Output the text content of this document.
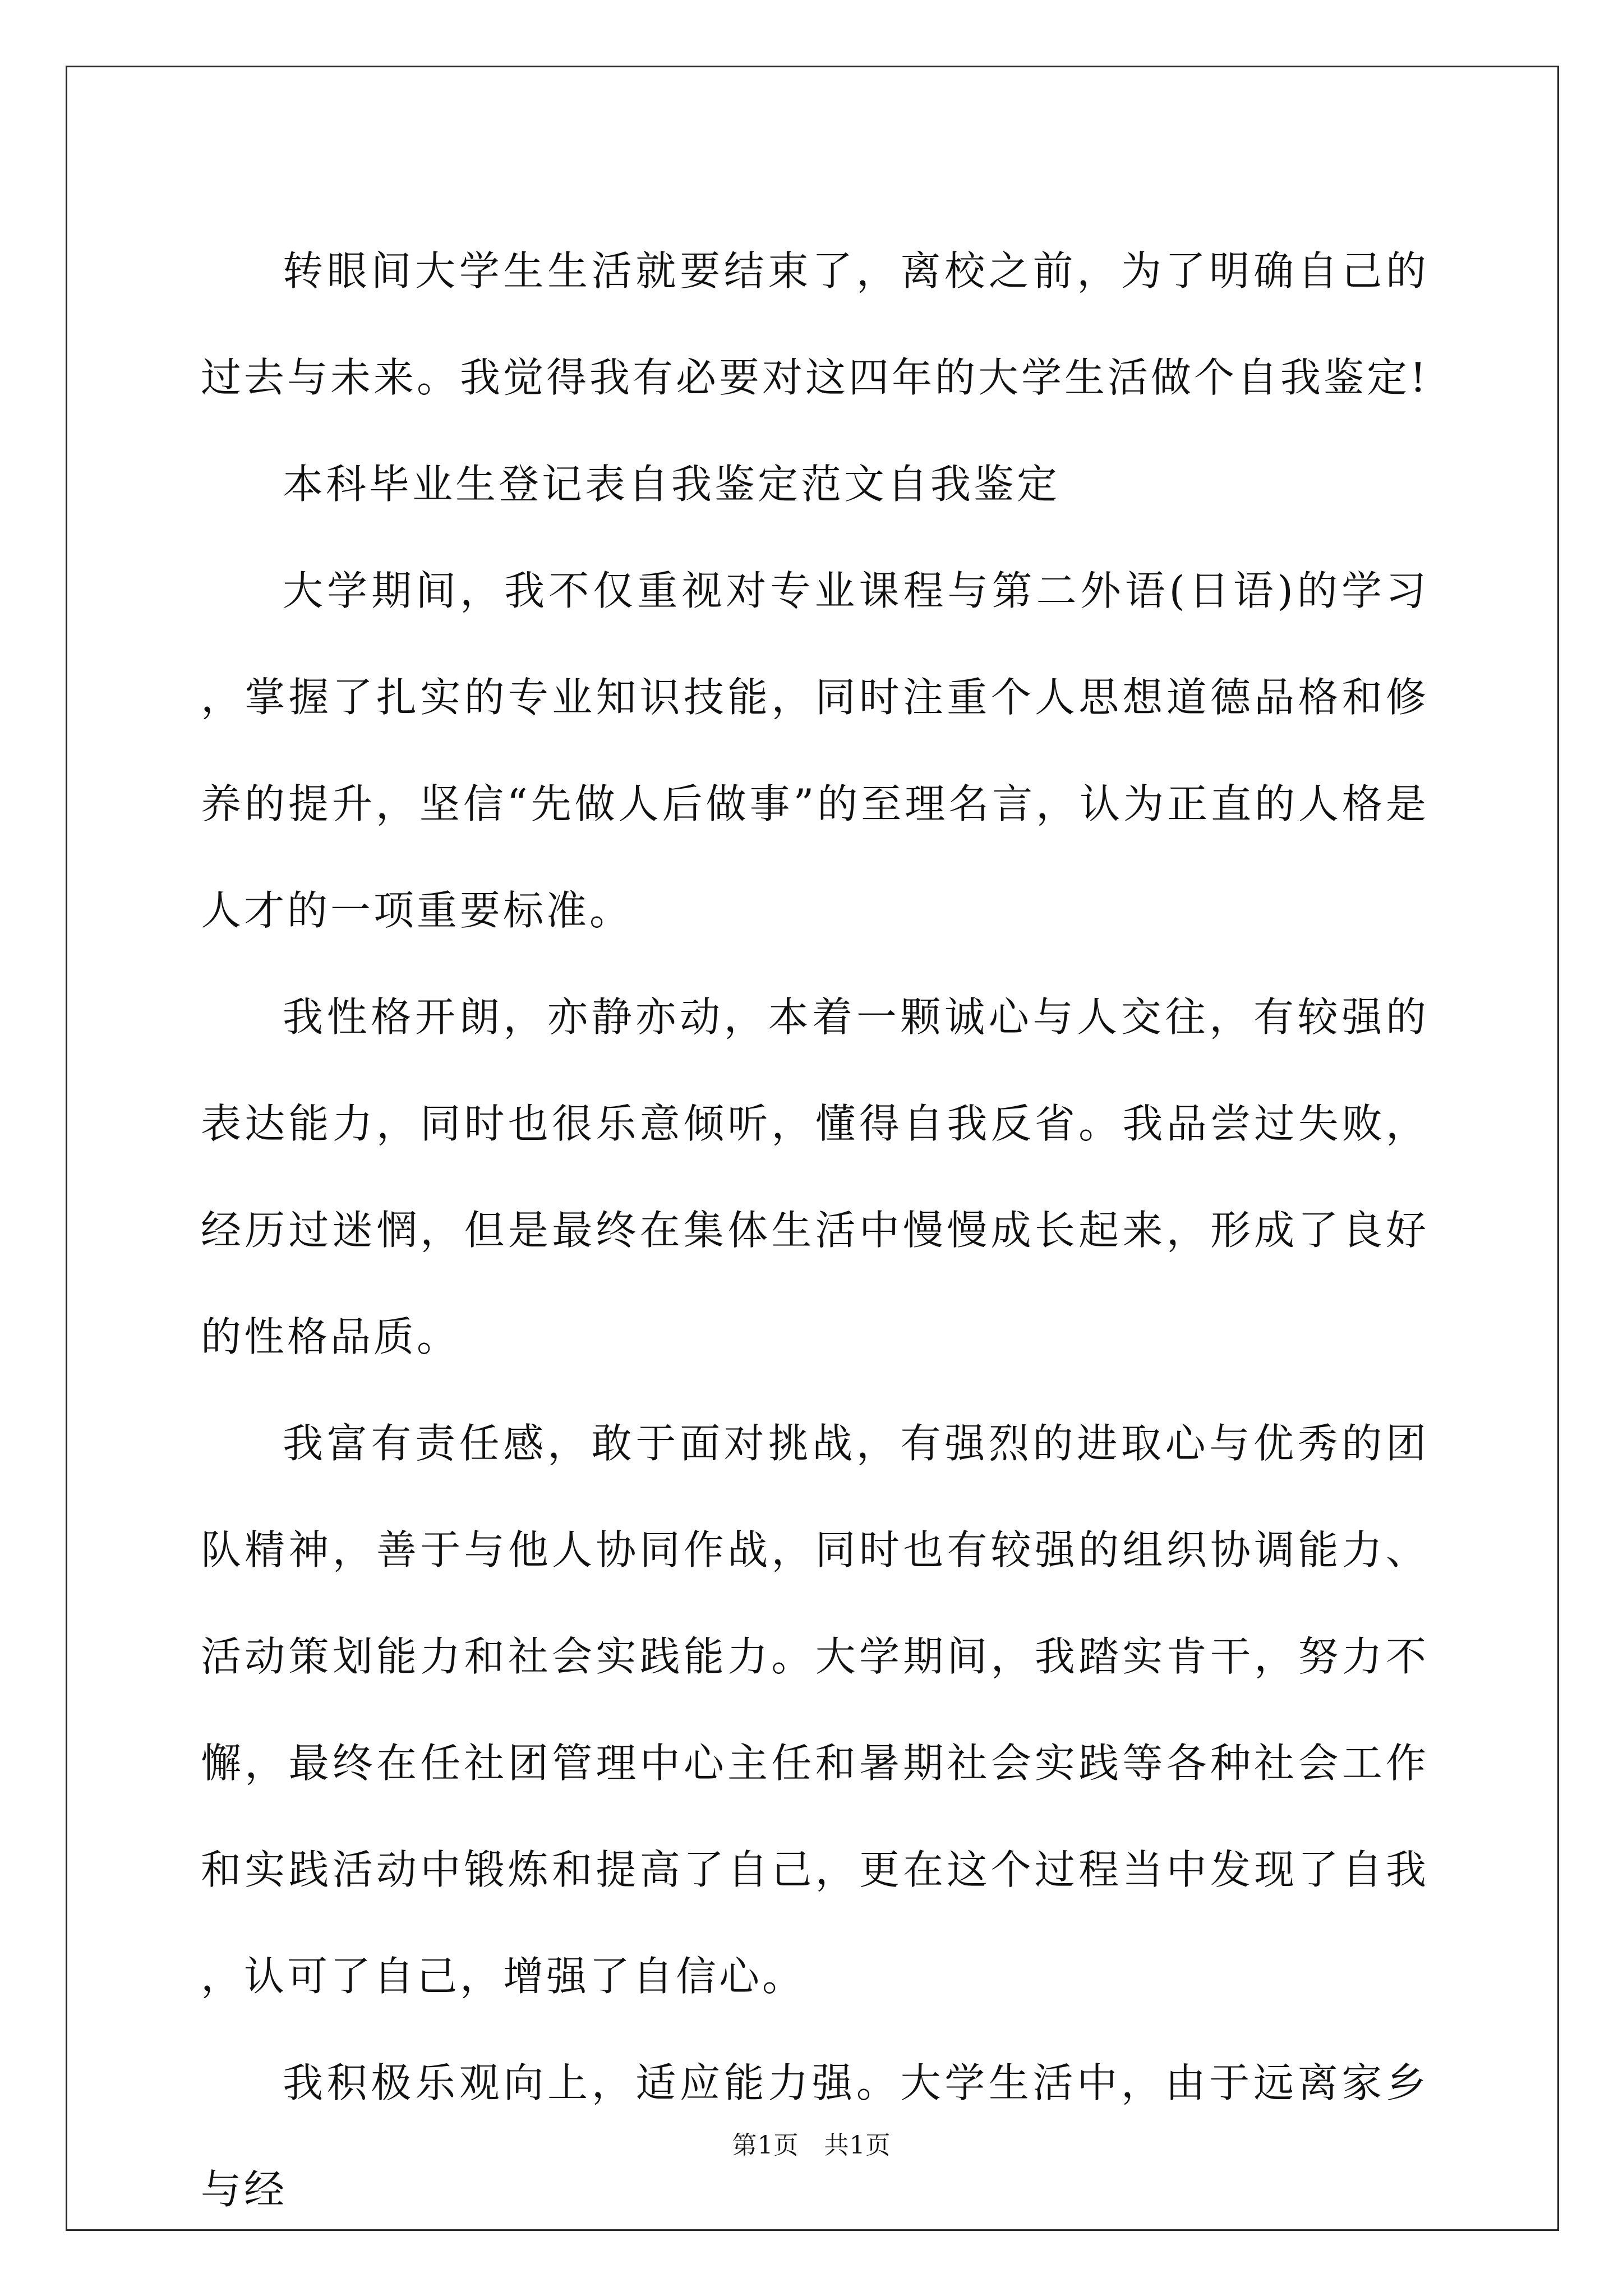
转眼间大学生生活就要结束了，离校之前，为了明确自己的过去与未来。我觉得我有必要对这四年的大学生活做个自我鉴定!

本科毕业生登记表自我鉴定范文自我鉴定

大学期间，我不仅重视对专业课程与第二外语(日语)的学习，掌握了扎实的专业知识技能，同时注重个人思想道德品格和修养的提升，坚信“先做人后做事”的至理名言，认为正直的人格是人才的一项重要标准。

我性格开朗，亦静亦动，本着一颗诚心与人交往，有较强的表达能力，同时也很乐意倾听，懂得自我反省。我品尝过失败，经历过迷惘，但是最终在集体生活中慢慢成长起来，形成了良好的性格品质。

我富有责任感，敢于面对挑战，有强烈的进取心与优秀的团队精神，善于与他人协同作战，同时也有较强的组织协调能力、活动策划能力和社会实践能力。大学期间，我踏实肯干，努力不懈，最终在任社团管理中心主任和暑期社会实践等各种社会工作和实践活动中锻炼和提高了自己，更在这个过程当中发现了自我，认可了自己，增强了自信心。

我积极乐观向上，适应能力强。大学生活中，由于远离家乡与经

第1页 共1页
